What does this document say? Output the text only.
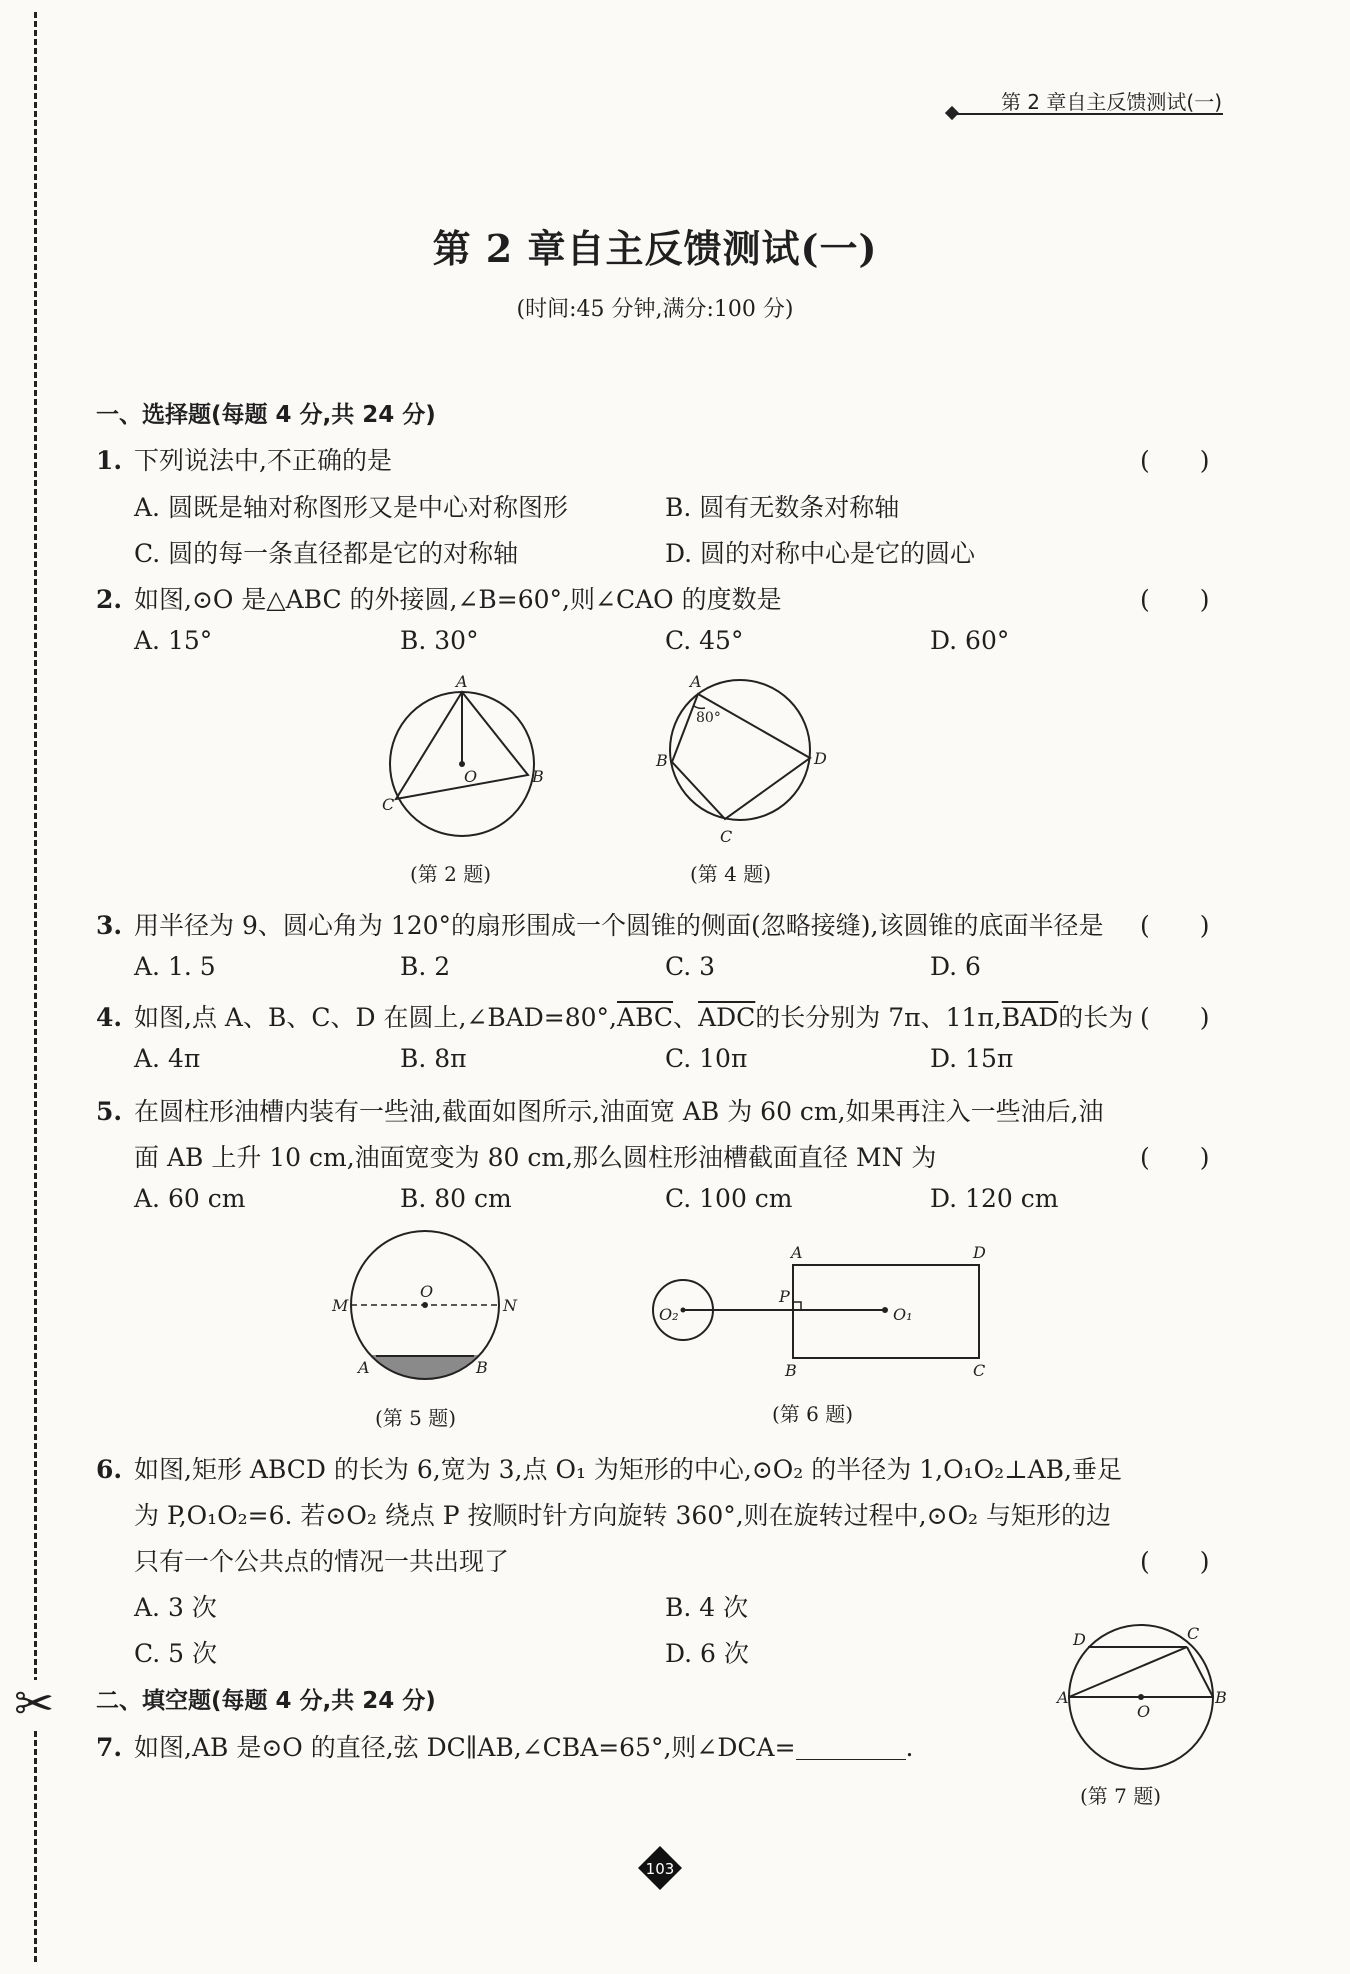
✂
第 2 章自主反馈测试(一)
第 2 章自主反馈测试(一)
(时间:45 分钟,满分:100 分)
一、选择题(每题 4 分,共 24 分)
1. 下列说法中,不正确的是	(　　)
A. 圆既是轴对称图形又是中心对称图形	B. 圆有无数条对称轴
C. 圆的每一条直径都是它的对称轴	D. 圆的对称中心是它的圆心
2. 如图,⊙O 是△ABC 的外接圆,∠B=60°,则∠CAO 的度数是	(　　)
A. 15°	B. 30°	C. 45°	D. 60°
A
B
C
O
(第 2 题)
A
B
C
D
80°
(第 4 题)
3. 用半径为 9、圆心角为 120°的扇形围成一个圆锥的侧面(忽略接缝),该圆锥的底面半径是 (　　)
A. 1. 5	B. 2	C. 3	D. 6
4. 如图,点 A、B、C、D 在圆上$,\angle BAD=80^\circ,\overline{ABC}$、$\overline{ADC}$的长分别为 7π、$11\pi,\overline{BAD}$的长为 (　　)
A. 4π	B. 8π	C. 10π	D. 15π
5. 在圆柱形油槽内装有一些油,截面如图所示,油面宽 AB 为 60 cm,如果再注入一些油后,油
面 AB 上升 10 cm,油面宽变为 80 cm,那么圆柱形油槽截面直径 MN 为	(　　)
A. 60 cm	B. 80 cm	C. 100 cm	D. 120 cm
M	N
O
A	B
(第 5 题)
A	D
B	C
P
O₁
O₂
(第 6 题)
6. 如图,矩形 ABCD 的长为 6,宽为 3,点 O₁ 为矩形的中心,⊙O₂ 的半径为 1,O₁O₂⊥AB,垂足
为 P,O₁O₂=6. 若⊙O₂ 绕点 P 按顺时针方向旋转 360°,则在旋转过程中,⊙O₂ 与矩形的边
只有一个公共点的情况一共出现了	(　　)
A. 3 次	B. 4 次
C. 5 次	D. 6 次	D	C
A	B
O
(第 7 题)
二、填空题(每题 4 分,共 24 分)
7. 如图,AB 是⊙O 的直径,弦 DC∥AB,∠CBA=65°,则∠DCA=	.
103
